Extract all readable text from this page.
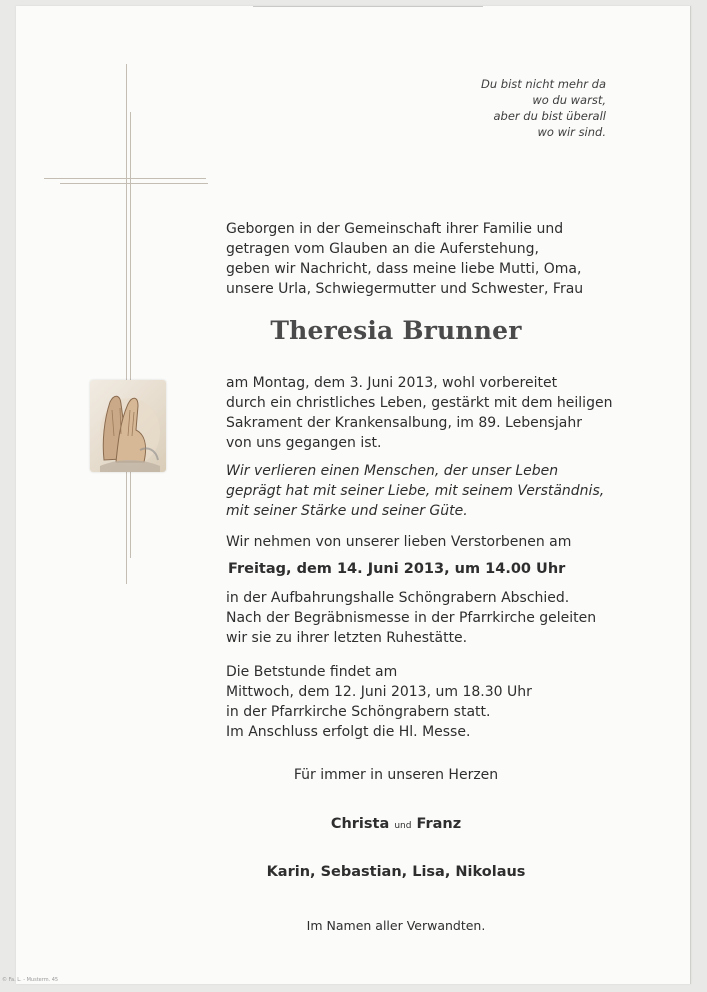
Du bist nicht mehr da
wo du warst,
aber du bist überall
wo wir sind.
Geborgen in der Gemeinschaft ihrer Familie und
getragen vom Glauben an die Auferstehung,
geben wir Nachricht, dass meine liebe Mutti, Oma,
unsere Urla, Schwiegermutter und Schwester, Frau
Theresia Brunner
am Montag, dem 3. Juni 2013, wohl vorbereitet
durch ein christliches Leben, gestärkt mit dem heiligen
Sakrament der Krankensalbung, im 89. Lebensjahr
von uns gegangen ist.
Wir verlieren einen Menschen, der unser Leben
geprägt hat mit seiner Liebe, mit seinem Verständnis,
mit seiner Stärke und seiner Güte.
Wir nehmen von unserer lieben Verstorbenen am
Freitag, dem 14. Juni 2013, um 14.00 Uhr
in der Aufbahrungshalle Schöngrabern Abschied.
Nach der Begräbnismesse in der Pfarrkirche geleiten
wir sie zu ihrer letzten Ruhestätte.
Die Betstunde findet am
Mittwoch, dem 12. Juni 2013, um 18.30 Uhr
in der Pfarrkirche Schöngrabern statt.
Im Anschluss erfolgt die Hl. Messe.
Für immer in unseren Herzen
Christa und Franz
Karin, Sebastian, Lisa, Nikolaus
Im Namen aller Verwandten.
© Fa. L. - Musterm. 45
